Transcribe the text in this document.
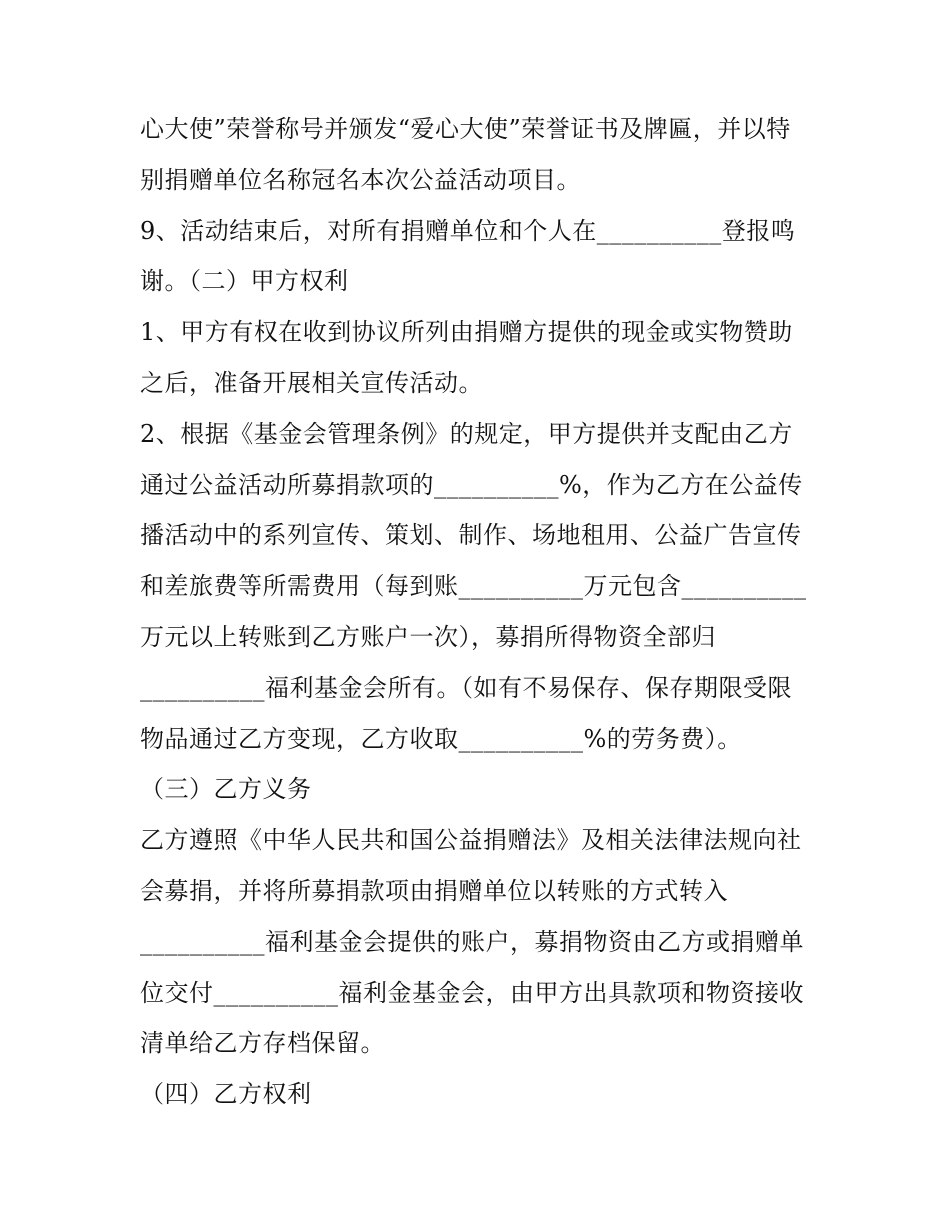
心大使”荣誉称号并颁发“爱心大使”荣誉证书及牌匾，并以特
别捐赠单位名称冠名本次公益活动项目。
9、活动结束后，对所有捐赠单位和个人在__________登报鸣
谢。（二）甲方权利
1、甲方有权在收到协议所列由捐赠方提供的现金或实物赞助
之后，准备开展相关宣传活动。
2、根据《基金会管理条例》的规定，甲方提供并支配由乙方
通过公益活动所募捐款项的__________%，作为乙方在公益传
播活动中的系列宣传、策划、制作、场地租用、公益广告宣传
和差旅费等所需费用（每到账__________万元包含__________
万元以上转账到乙方账户一次），募捐所得物资全部归
__________福利基金会所有。（如有不易保存、保存期限受限
物品通过乙方变现，乙方收取__________%的劳务费）。
（三）乙方义务
乙方遵照《中华人民共和国公益捐赠法》及相关法律法规向社
会募捐，并将所募捐款项由捐赠单位以转账的方式转入
__________福利基金会提供的账户，募捐物资由乙方或捐赠单
位交付__________福利金基金会，由甲方出具款项和物资接收
清单给乙方存档保留。
（四）乙方权利
